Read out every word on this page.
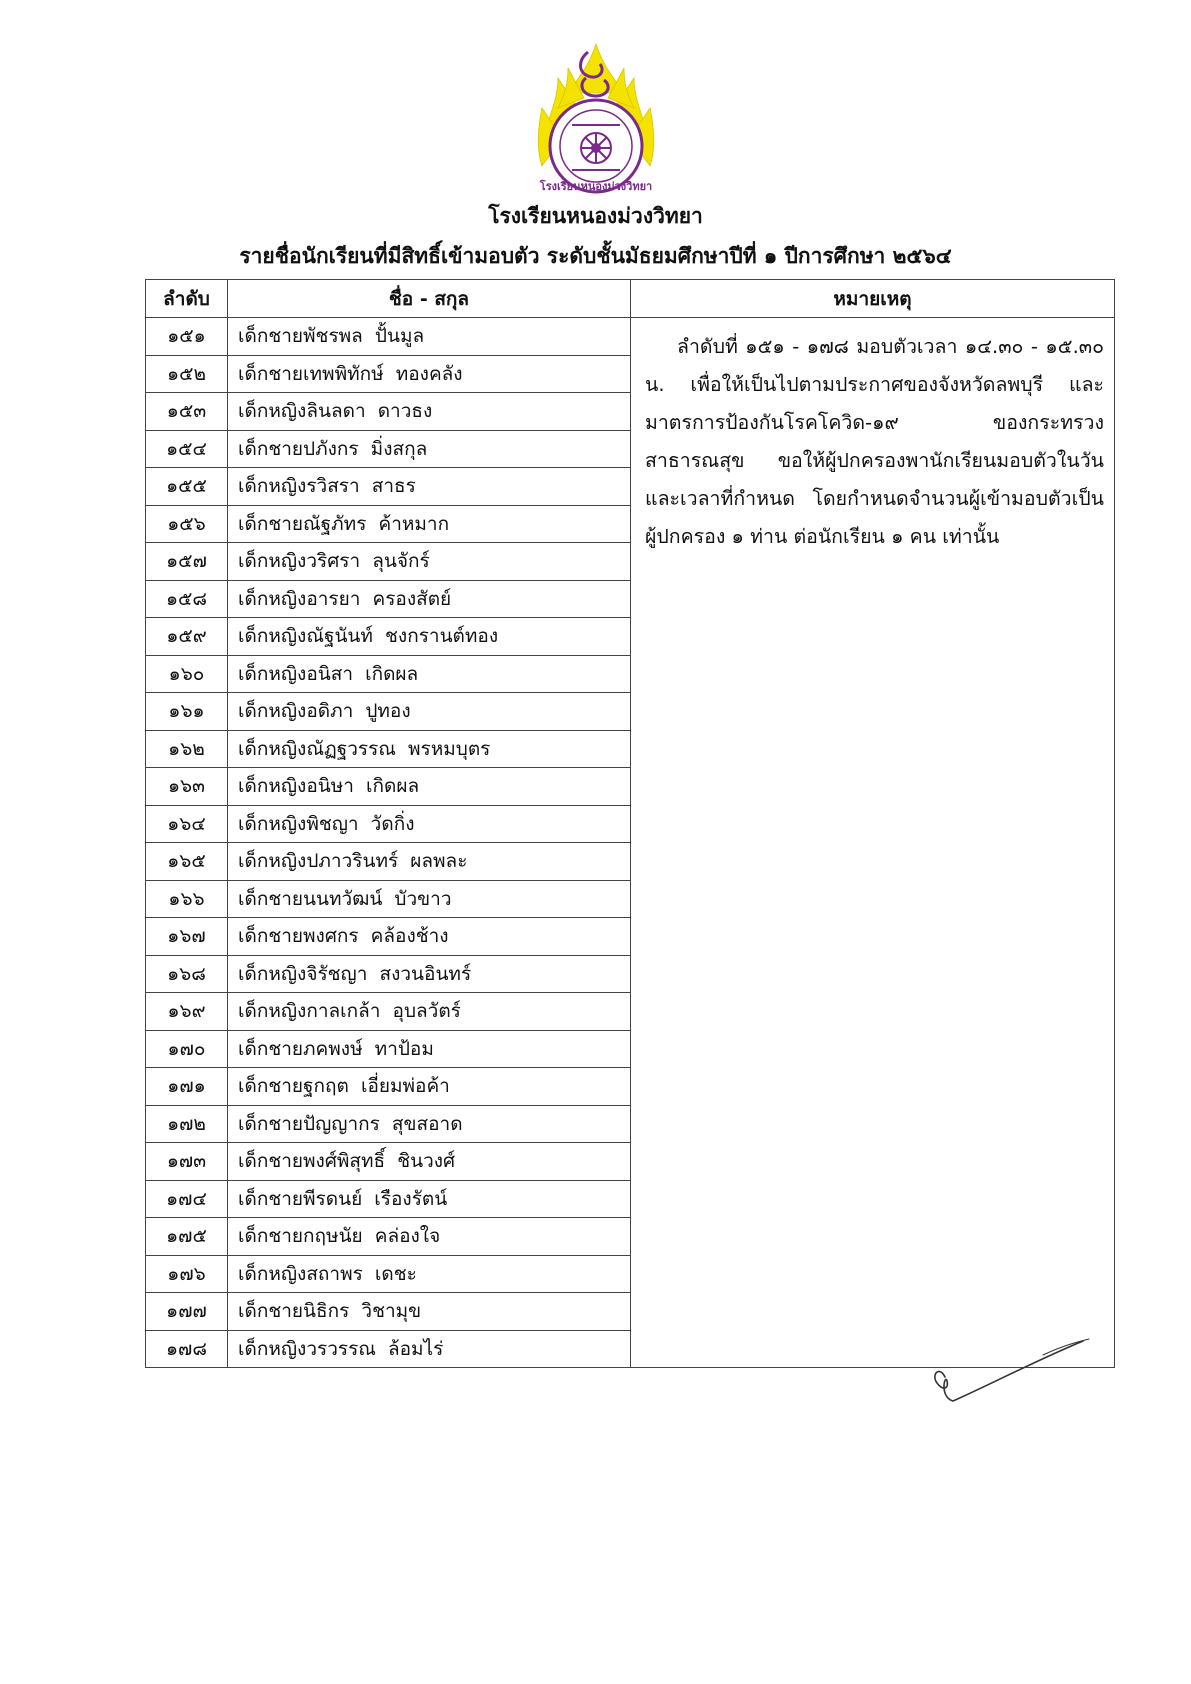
โรงเรียนหนองม่วงวิทยา
โรงเรียนหนองม่วงวิทยา
รายชื่อนักเรียนที่มีสิทธิ์เข้ามอบตัว ระดับชั้นมัธยมศึกษาปีที่ ๑ ปีการศึกษา ๒๕๖๔
ลำดับ	ชื่อ - สกุล	หมายเหตุ
๑๕๑	เด็กชายพัชรพล  ปั้นมูล	ลำดับที่ ๑๕๑ - ๑๗๘ มอบตัวเวลา ๑๔.๓๐ - ๑๕.๓๐ น. เพื่อให้เป็นไปตามประกาศของจังหวัดลพบุรี และมาตรการป้องกันโรคโควิด-๑๙ ของกระทรวงสาธารณสุข ขอให้ผู้ปกครองพานักเรียนมอบตัวในวันและเวลาที่กำหนด โดยกำหนดจำนวนผู้เข้ามอบตัวเป็นผู้ปกครอง ๑ ท่าน ต่อนักเรียน ๑ คน เท่านั้น
๑๕๒	เด็กชายเทพพิทักษ์  ทองคลัง	
๑๕๓	เด็กหญิงลินลดา  ดาวธง	
๑๕๔	เด็กชายปภังกร  มิ่งสกุล	
๑๕๕	เด็กหญิงรวิสรา  สาธร	
๑๕๖	เด็กชายณัฐภัทร  ค้าหมาก	
๑๕๗	เด็กหญิงวริศรา  ลุนจักร์	
๑๕๘	เด็กหญิงอารยา  ครองสัตย์	
๑๕๙	เด็กหญิงณัฐนันท์  ชงกรานต์ทอง	
๑๖๐	เด็กหญิงอนิสา  เกิดผล	
๑๖๑	เด็กหญิงอดิภา  ปูทอง	
๑๖๒	เด็กหญิงณัฏฐวรรณ  พรหมบุตร	
๑๖๓	เด็กหญิงอนิษา  เกิดผล	
๑๖๔	เด็กหญิงพิชญา  วัดกิ่ง	
๑๖๕	เด็กหญิงปภาวรินทร์  ผลพละ	
๑๖๖	เด็กชายนนทวัฒน์  บัวขาว	
๑๖๗	เด็กชายพงศกร  คล้องช้าง	
๑๖๘	เด็กหญิงจิรัชญา  สงวนอินทร์	
๑๖๙	เด็กหญิงกาลเกล้า  อุบลวัตร์	
๑๗๐	เด็กชายภคพงษ์  ทาป้อม	
๑๗๑	เด็กชายฐกฤต  เอี่ยมพ่อค้า	
๑๗๒	เด็กชายปัญญากร  สุขสอาด	
๑๗๓	เด็กชายพงศ์พิสุทธิ์  ชินวงศ์	
๑๗๔	เด็กชายพีรดนย์  เรืองรัตน์	
๑๗๕	เด็กชายกฤษนัย  คล่องใจ	
๑๗๖	เด็กหญิงสถาพร  เดชะ	
๑๗๗	เด็กชายนิธิกร  วิชามุข	
๑๗๘	เด็กหญิงวรวรรณ  ล้อมไร่	
